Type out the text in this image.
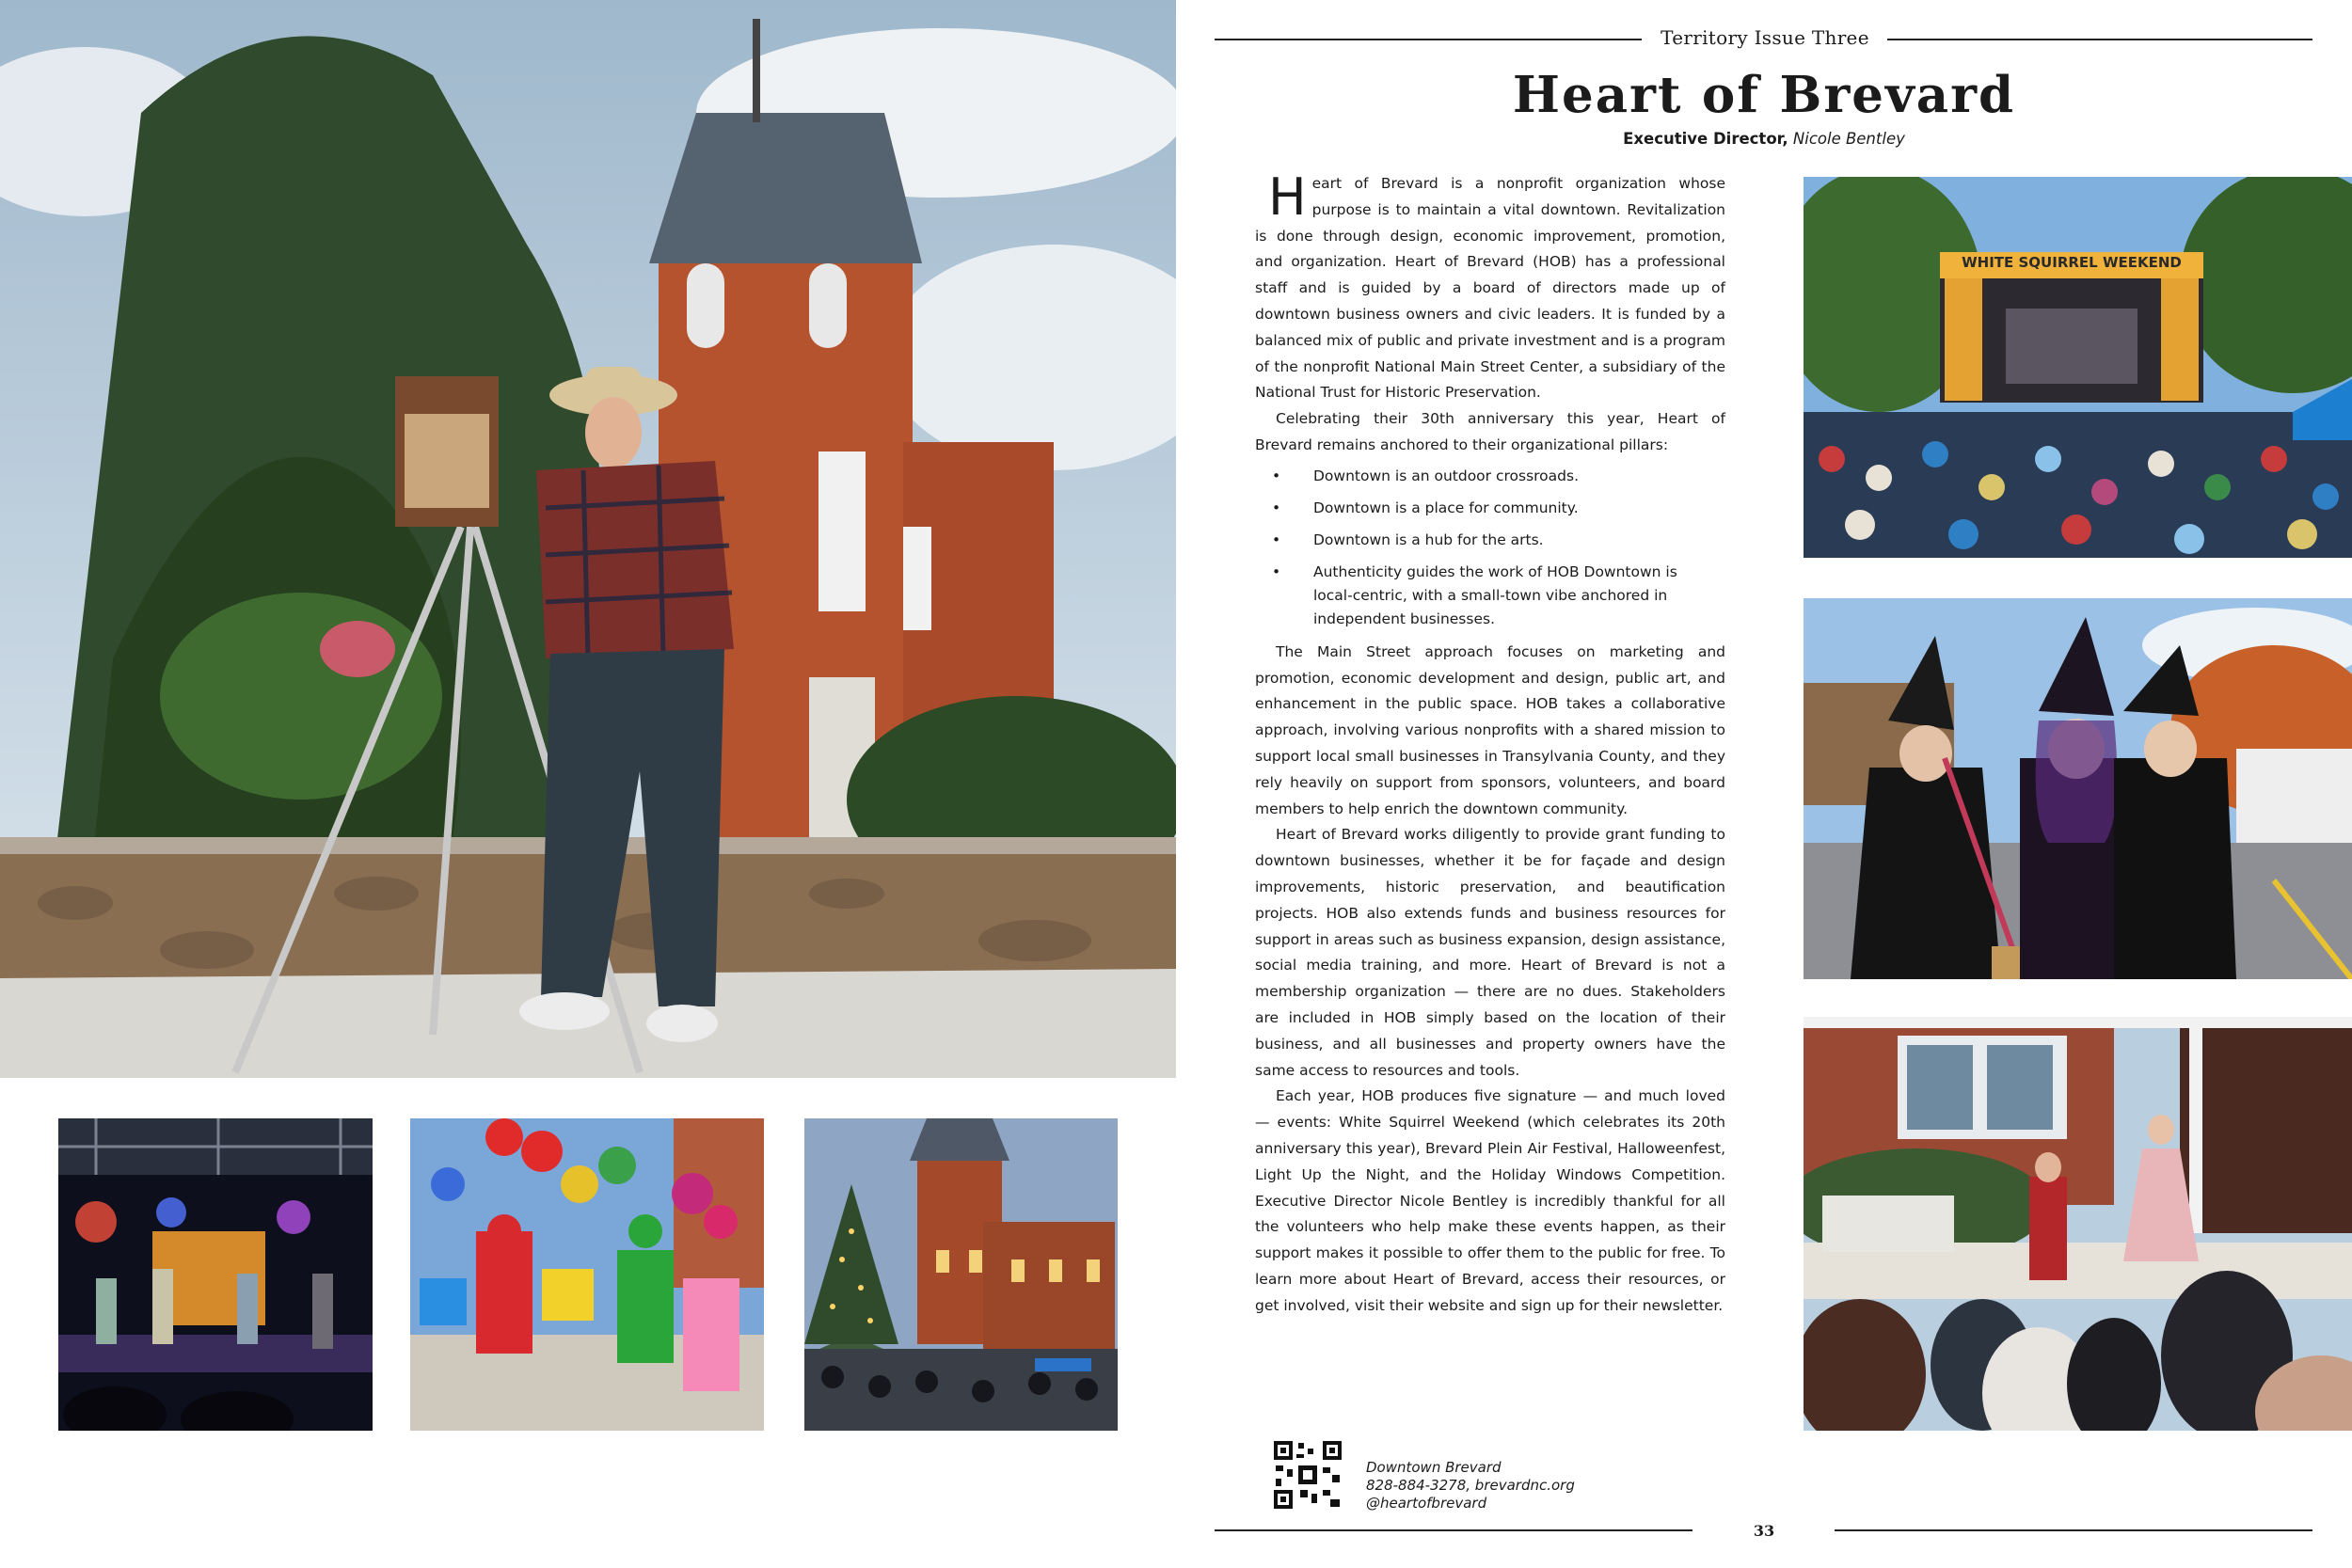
Territory Issue Three
Heart of Brevard
Executive Director, Nicole Bentley

Heart of Brevard is a nonprofit organization whose purpose is to maintain a vital downtown. Revitalization is done through design, economic improvement, promotion, and organization. Heart of Brevard (HOB) has a professional staff and is guided by a board of directors made up of downtown business owners and civic leaders. It is funded by a balanced mix of public and private investment and is a program of the nonprofit National Main Street Center, a subsidiary of the National Trust for Historic Preservation.

Celebrating their 30th anniversary this year, Heart of Brevard remains anchored to their organizational pillars:

• Downtown is an outdoor crossroads.
• Downtown is a place for community.
• Downtown is a hub for the arts.
• Authenticity guides the work of HOB Downtown is local-centric, with a small-town vibe anchored in independent businesses.

The Main Street approach focuses on marketing and promotion, economic development and design, public art, and enhancement in the public space. HOB takes a collaborative approach, involving various nonprofits with a shared mission to support local small businesses in Transylvania County, and they rely heavily on support from sponsors, volunteers, and board members to help enrich the downtown community.

Heart of Brevard works diligently to provide grant funding to downtown businesses, whether it be for façade and design improvements, historic preservation, and beautification projects. HOB also extends funds and business resources for support in areas such as business expansion, design assistance, social media training, and more. Heart of Brevard is not a membership organization — there are no dues. Stakeholders are included in HOB simply based on the location of their business, and all businesses and property owners have the same access to resources and tools.

Each year, HOB produces five signature — and much loved — events: White Squirrel Weekend (which celebrates its 20th anniversary this year), Brevard Plein Air Festival, Halloweenfest, Light Up the Night, and the Holiday Windows Competition. Executive Director Nicole Bentley is incredibly thankful for all the volunteers who help make these events happen, as their support makes it possible to offer them to the public for free. To learn more about Heart of Brevard, access their resources, or get involved, visit their website and sign up for their newsletter.

WHITE SQUIRREL WEEKEND
Downtown Brevard
828-884-3278, brevardnc.org
@heartofbrevard
33
